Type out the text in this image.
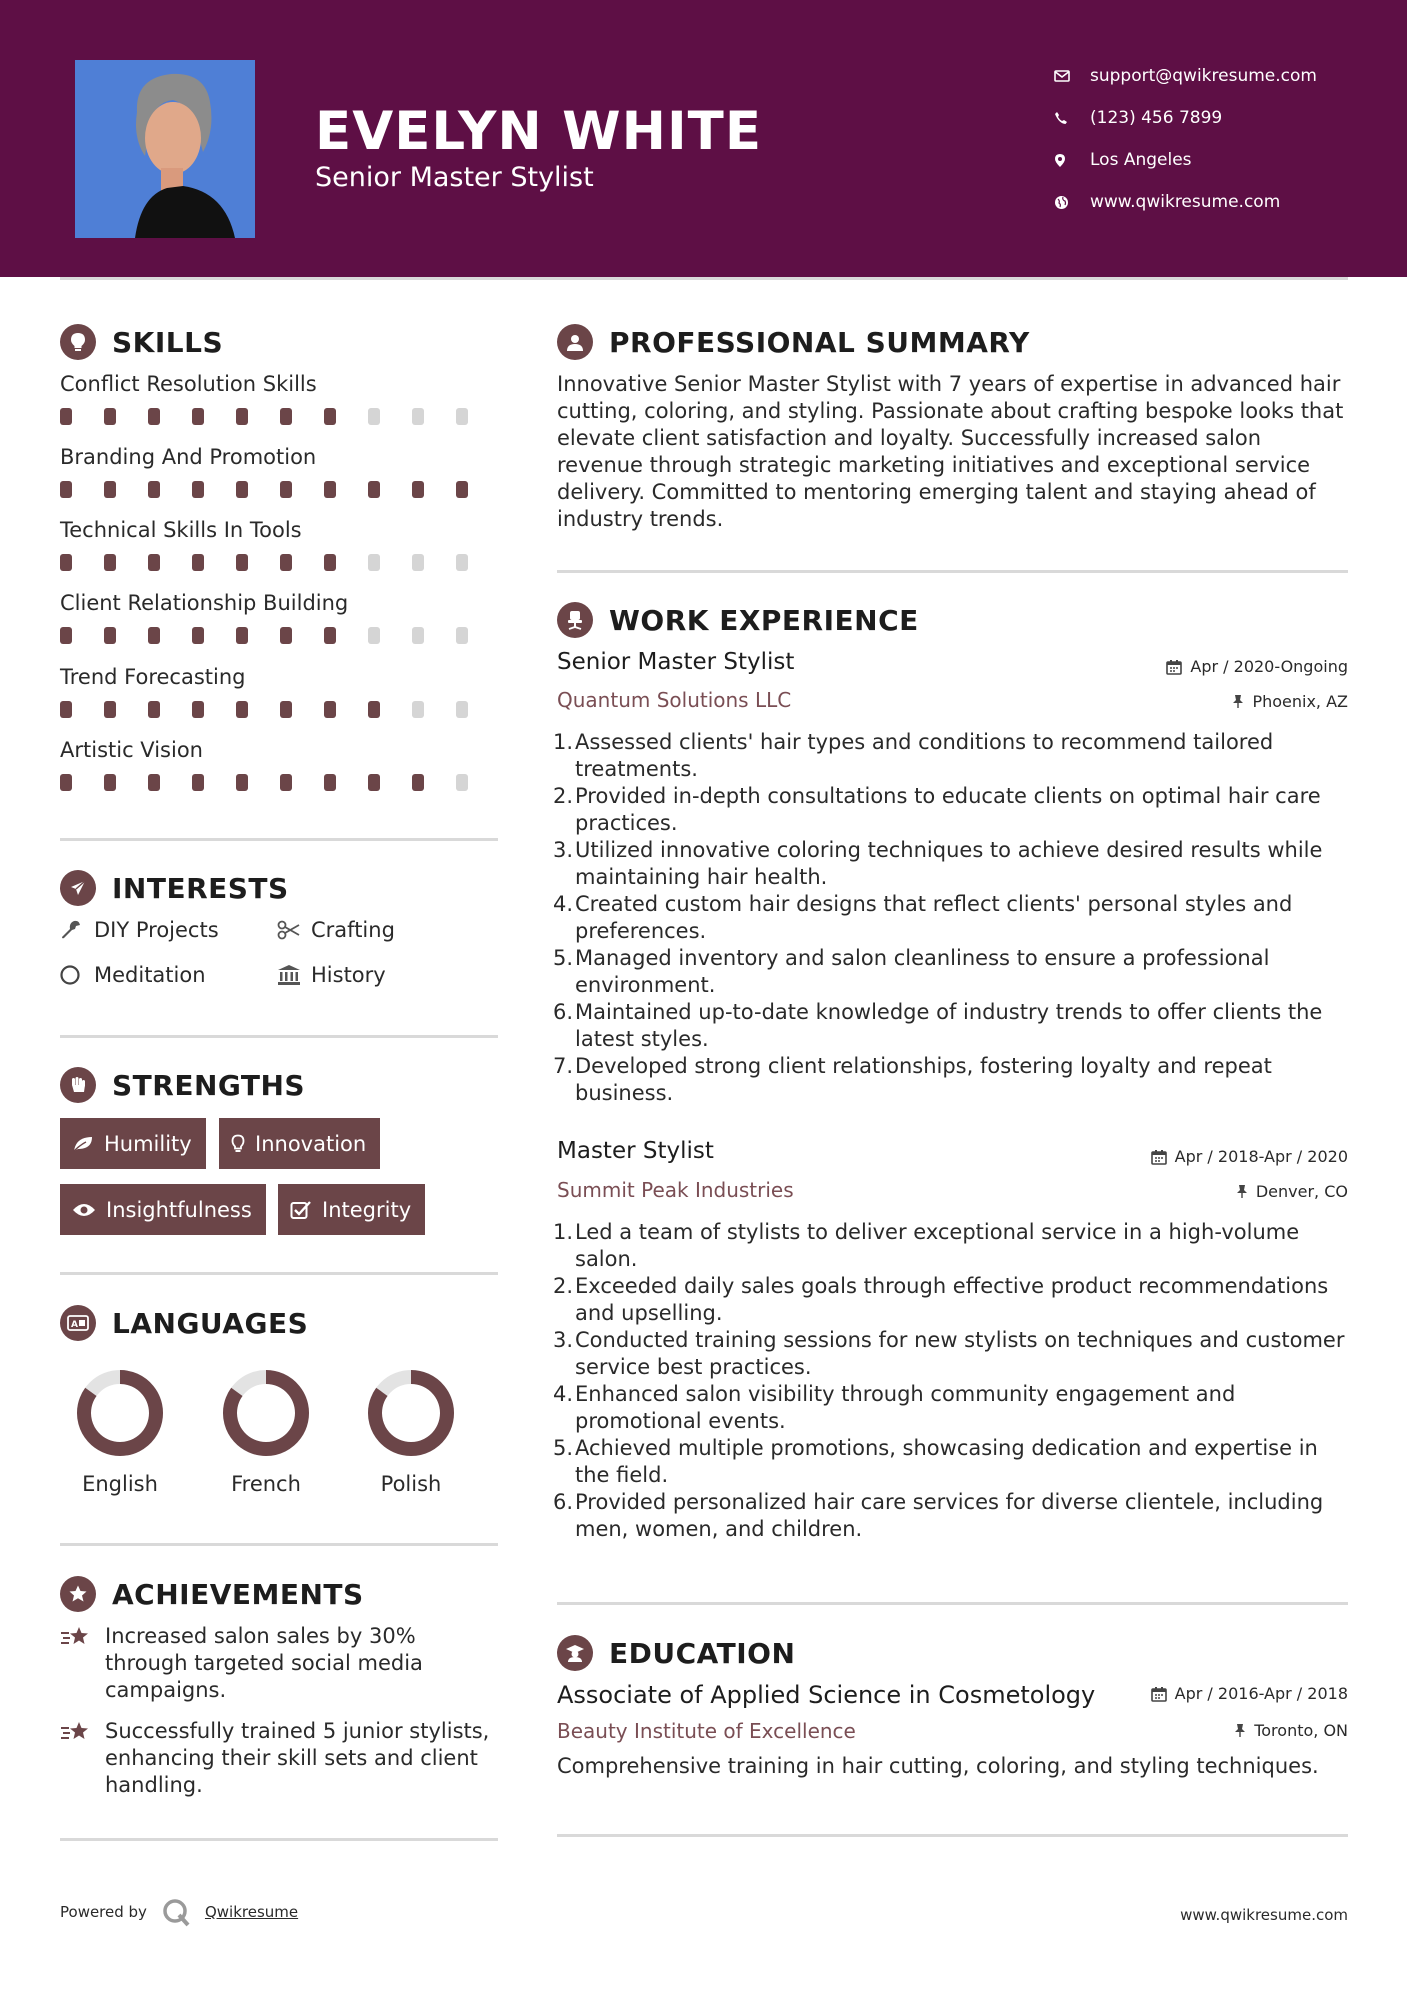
EVELYN WHITE
Senior Master Stylist
support@qwikresume.com
(123) 456 7899
Los Angeles
www.qwikresume.com
SKILLS
Conflict Resolution Skills
Branding And Promotion
Technical Skills In Tools
Client Relationship Building
Trend Forecasting
Artistic Vision
INTERESTS
DIY Projects	Crafting
Meditation	History
STRENGTHS
Humility	Innovation
Insightfulness	Integrity
A LANGUAGES
English	French	Polish
ACHIEVEMENTS
Increased salon sales by 30% through targeted social media campaigns.
Successfully trained 5 junior stylists, enhancing their skill sets and client handling.
PROFESSIONAL SUMMARY
Innovative Senior Master Stylist with 7 years of expertise in advanced hair cutting, coloring, and styling. Passionate about crafting bespoke looks that elevate client satisfaction and loyalty. Successfully increased salon revenue through strategic marketing initiatives and exceptional service delivery. Committed to mentoring emerging talent and staying ahead of industry trends.
WORK EXPERIENCE
Senior Master Stylist	Apr / 2020-Ongoing
Quantum Solutions LLC	Phoenix, AZ
1. Assessed clients' hair types and conditions to recommend tailored treatments.
2. Provided in-depth consultations to educate clients on optimal hair care practices.
3. Utilized innovative coloring techniques to achieve desired results while maintaining hair health.
4. Created custom hair designs that reflect clients' personal styles and preferences.
5. Managed inventory and salon cleanliness to ensure a professional environment.
6. Maintained up-to-date knowledge of industry trends to offer clients the latest styles.
7. Developed strong client relationships, fostering loyalty and repeat business.
Master Stylist	Apr / 2018-Apr / 2020
Summit Peak Industries	Denver, CO
1. Led a team of stylists to deliver exceptional service in a high-volume salon.
2. Exceeded daily sales goals through effective product recommendations and upselling.
3. Conducted training sessions for new stylists on techniques and customer service best practices.
4. Enhanced salon visibility through community engagement and promotional events.
5. Achieved multiple promotions, showcasing dedication and expertise in the field.
6. Provided personalized hair care services for diverse clientele, including men, women, and children.
EDUCATION
Associate of Applied Science in Cosmetology	Apr / 2016-Apr / 2018
Beauty Institute of Excellence	Toronto, ON
Comprehensive training in hair cutting, coloring, and styling techniques.
Powered by	Qwikresume	www.qwikresume.com
